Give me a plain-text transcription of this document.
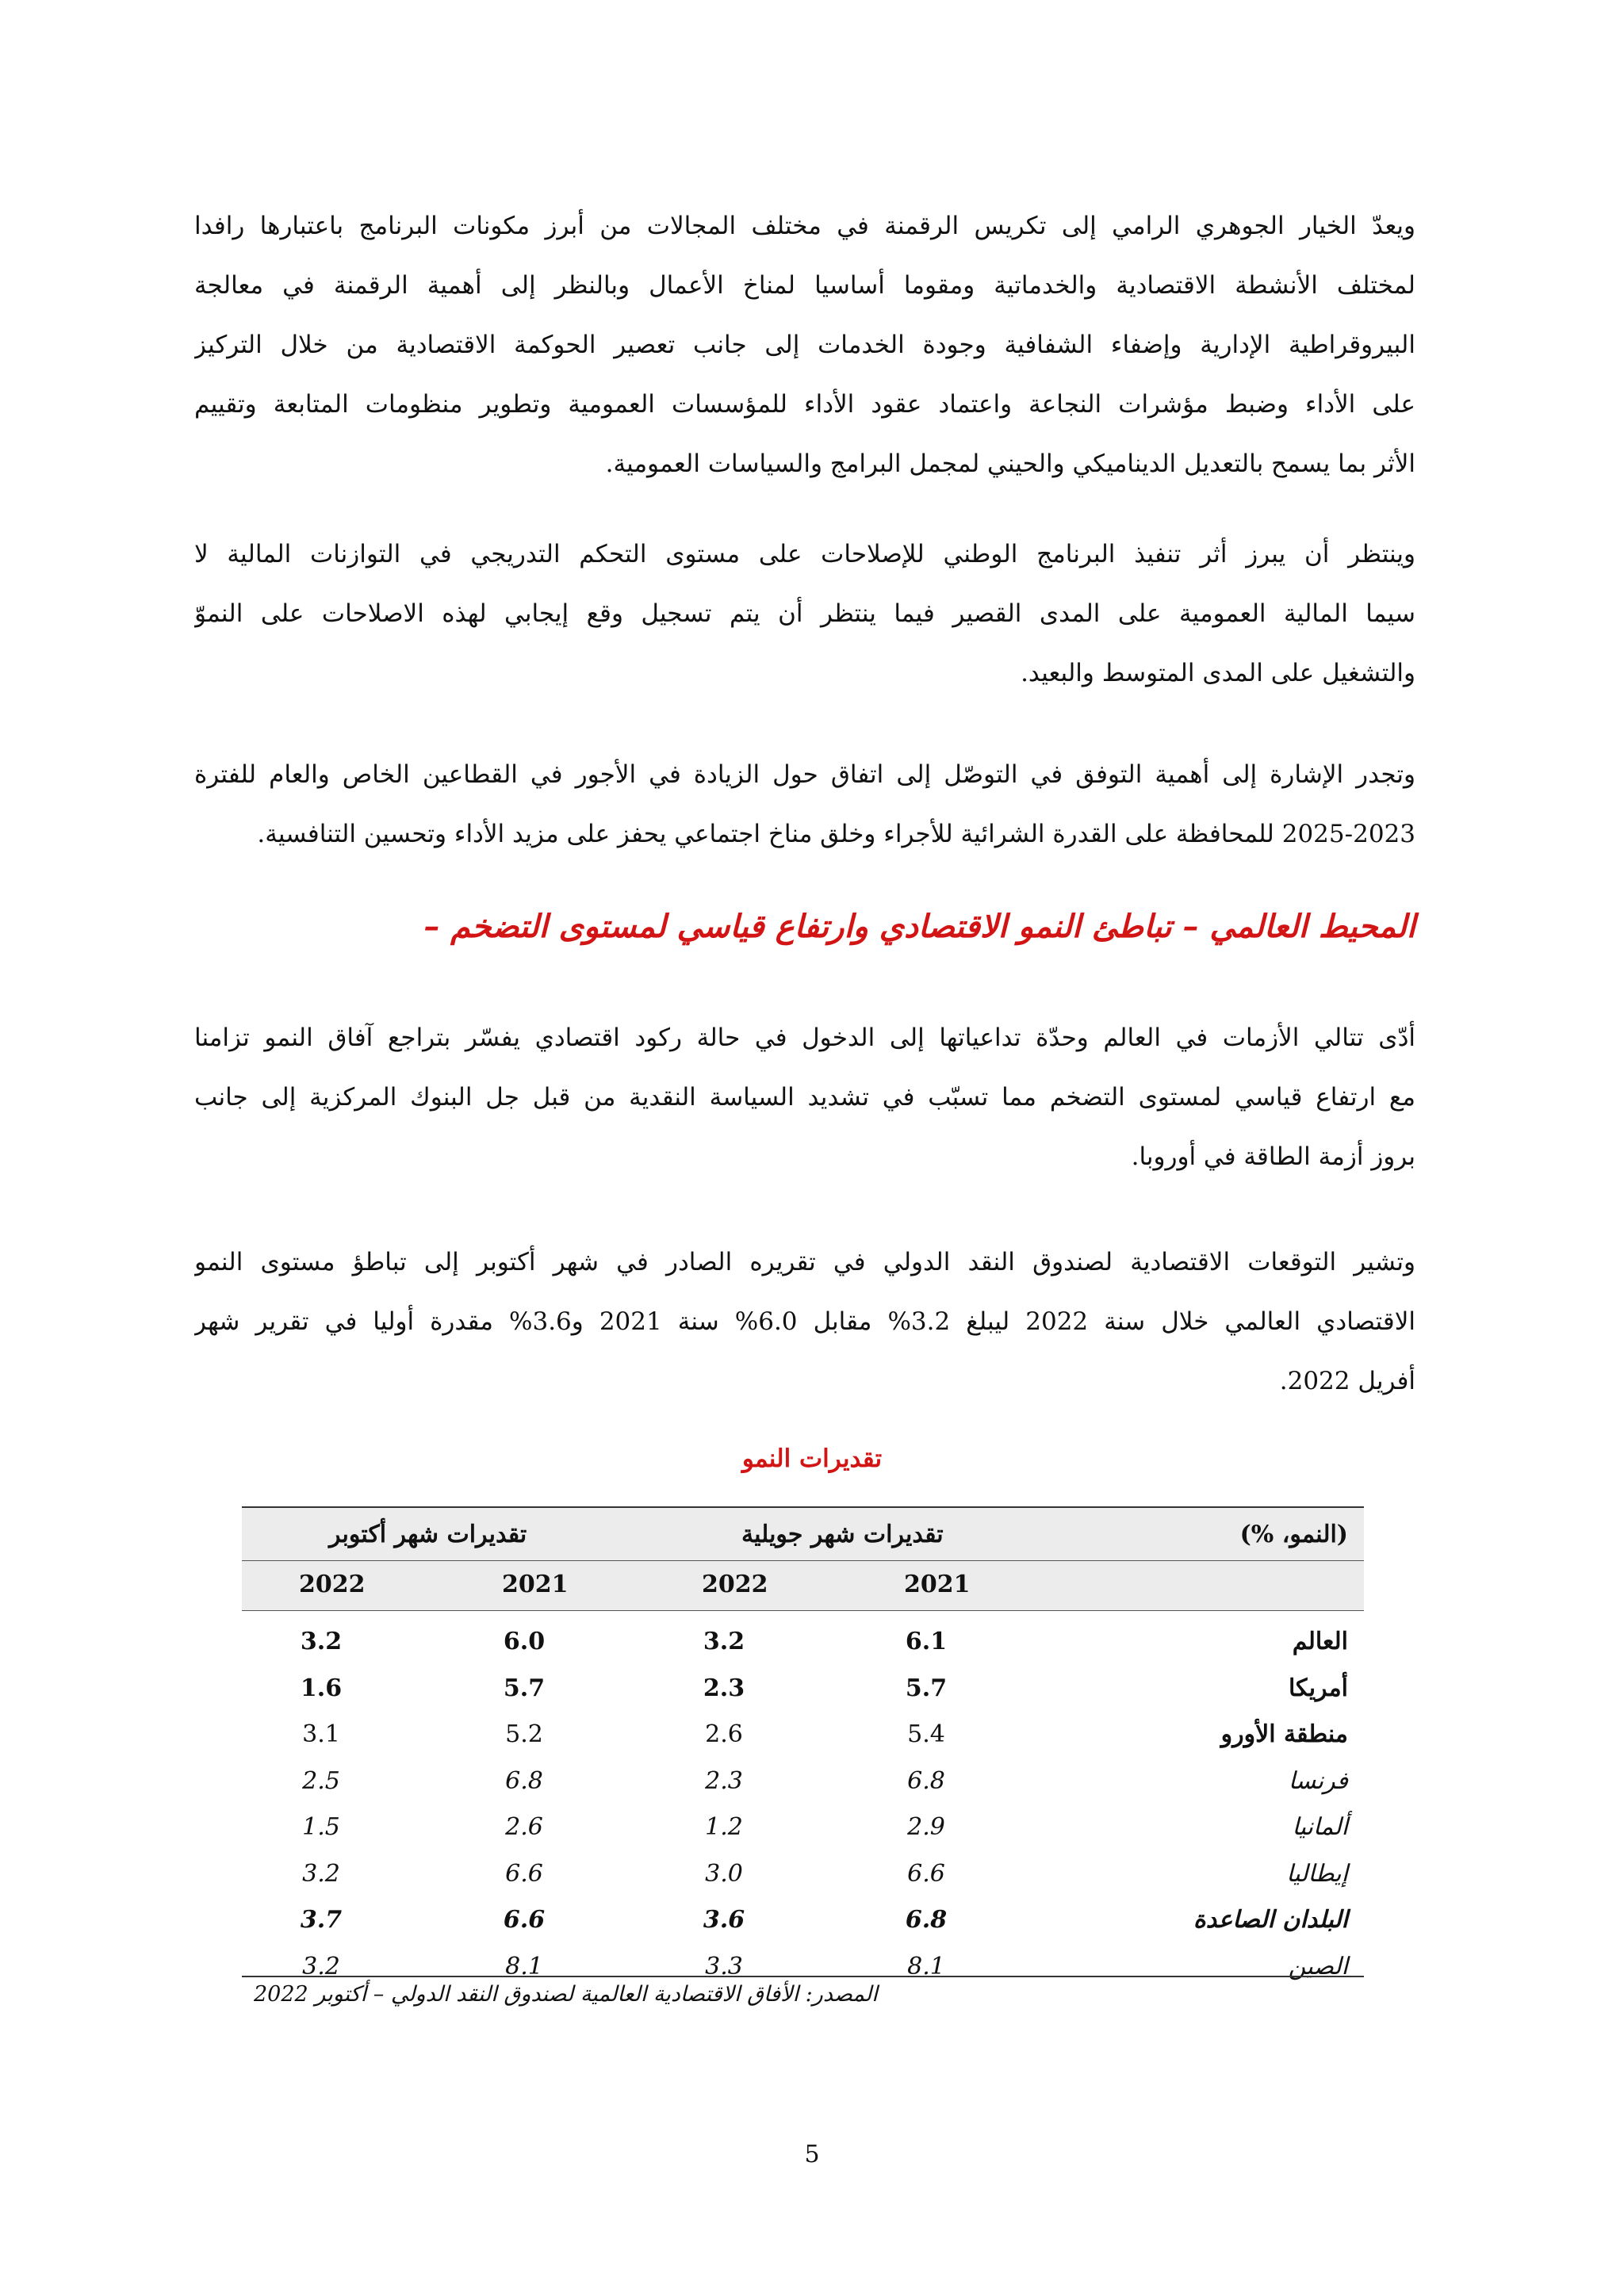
ويعدّ الخيار الجوهري الرامي إلى تكريس الرقمنة في مختلف المجالات من أبرز مكونات البرنامج باعتبارها رافدا
لمختلف الأنشطة الاقتصادية والخدماتية ومقوما أساسيا لمناخ الأعمال وبالنظر إلى أهمية الرقمنة في معالجة
البيروقراطية الإدارية وإضفاء الشفافية وجودة الخدمات إلى جانب تعصير الحوكمة الاقتصادية من خلال التركيز
على الأداء وضبط مؤشرات النجاعة واعتماد عقود الأداء للمؤسسات العمومية وتطوير منظومات المتابعة وتقييم
الأثر بما يسمح بالتعديل الديناميكي والحيني لمجمل البرامج والسياسات العمومية.
وينتظر أن يبرز أثر تنفيذ البرنامج الوطني للإصلاحات على مستوى التحكم التدريجي في التوازنات المالية لا
سيما المالية العمومية على المدى القصير فيما ينتظر أن يتم تسجيل وقع إيجابي لهذه الاصلاحات على النموّ
والتشغيل على المدى المتوسط والبعيد.
وتجدر الإشارة إلى أهمية التوفق في التوصّل إلى اتفاق حول الزيادة في الأجور في القطاعين الخاص والعام للفترة
2025-2023 للمحافظة على القدرة الشرائية للأجراء وخلق مناخ اجتماعي يحفز على مزيد الأداء وتحسين التنافسية.
المحيط العالمي – تباطئ النمو الاقتصادي وارتفاع قياسي لمستوى التضخم –
أدّى تتالي الأزمات في العالم وحدّة تداعياتها إلى الدخول في حالة ركود اقتصادي يفسّر بتراجع آفاق النمو تزامنا
مع ارتفاع قياسي لمستوى التضخم مما تسبّب في تشديد السياسة النقدية من قبل جل البنوك المركزية إلى جانب
بروز أزمة الطاقة في أوروبا.
وتشير التوقعات الاقتصادية لصندوق النقد الدولي في تقريره الصادر في شهر أكتوبر إلى تباطؤ مستوى النمو
الاقتصادي العالمي خلال سنة 2022 ليبلغ 3.2% مقابل 6.0% سنة 2021 و3.6% مقدرة أوليا في تقرير شهر
أفريل 2022.
تقديرات النمو
تقديرات شهر أكتوبر	تقديرات شهر جويلية	(النمو، %)
2022	2021	2022	2021
3.2	6.0	3.2	6.1	العالم
1.6	5.7	2.3	5.7	أمريكا
3.1	5.2	2.6	5.4	منطقة الأورو
2.5	6.8	2.3	6.8	فرنسا
1.5	2.6	1.2	2.9	ألمانيا
3.2	6.6	3.0	6.6	إيطاليا
3.7	6.6	3.6	6.8	البلدان الصاعدة
3.2	8.1	3.3	8.1	الصين
المصدر: الأفاق الاقتصادية العالمية لصندوق النقد الدولي – أكتوبر 2022
5
